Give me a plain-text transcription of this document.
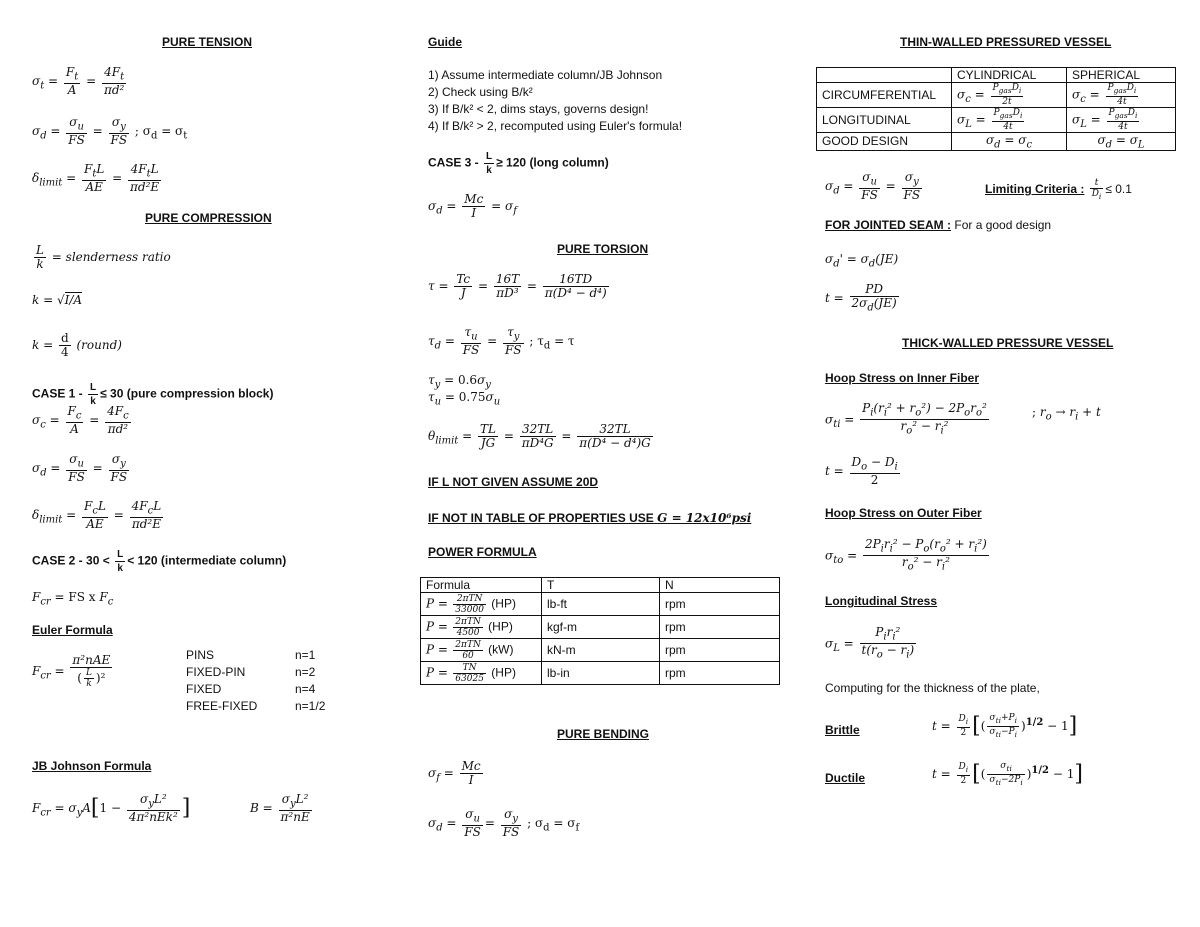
PURE TENSION
$\sigma_t = \frac{F_t}{A} = \frac{4F_t}{\text{πd²}}$
$\sigma_d = \frac{\sigma_u}{FS} = \frac{\sigma_y}{FS}$ ; $\sigma_d = \sigma_t$
$\delta_{limit} = \frac{F_tL}{AE} = \frac{4F_tL}{\text{πd²E}}$
PURE COMPRESSION
$\frac{L}{k}$ = slenderness ratio
k = √I/A
$k = \frac{d}{4}$ (round)
CASE $1 - \frac{L}{k} \le 30$ (pure compression block)
$\sigma_c = \frac{F_c}{A} = \frac{4F_c}{\text{πd²}}$
$\sigma_d = \frac{\sigma_u}{FS} = \frac{\sigma_y}{FS}$
$\delta_{limit} = \frac{F_cL}{AE} = \frac{4F_cL}{\text{πd²E}}$
CASE $2 - 30 < \frac{L}{k} < 120$ (intermediate column)
$F_{cr}$ = FS x $F_c$
Euler Formula
$F_{cr} = \frac{\text{π²nAE}}{( \frac{L}{k} )^2}$	PINS	n=1
FIXED-PIN	n=2
FIXED	n=4
FREE-FIXED	n=1/2
JB Johnson Formula
$F_{cr} = \sigma_yA[1 - \frac{\sigma_yL^2}{\text{4π²nEk²}}$ ]	$B = \frac{\sigma_yL^2}{\text{π²nE}}$
Guide
1) Assume intermediate column/JB Johnson
2) Check using B/k²
3) If B/k² < 2, dims stays, governs design!
4) If B/k² > 2, recomputed using Euler's formula!
CASE $3 - \frac{L}{k} \ge 120$ (long column)
$\sigma_d = \frac{Mc}{I} = \sigma_f$
PURE TORSION
$\tau = \frac{Tc}{J} = \frac{16T}{\text{πD³}} = \frac{16TD}{\text{π(D⁴ − d⁴)}}$
$\tau_d = \frac{\tau_u}{FS} = \frac{\tau_y}{FS}$ ; $\tau_d = \tau$
$\tau_y = 0.6\sigma_y$
$\tau_u = 0.75\sigma_u$
$\theta_{limit} = \frac{TL}{JG} = \frac{32TL}{\text{πD⁴G}} = \frac{32TL}{\text{π(D⁴ − d⁴)G}}$
IF L NOT GIVEN ASSUME 20D
IF NOT IN TABLE OF PROPERTIES USE G = 12x10⁶psi
POWER FORMULA
Formula	T	N
$P = \frac{\text{2πTN}}{33000} (HP)$	lb-ft	rpm
$P = \frac{\text{2πTN}}{4500} (HP)$	kgf-m	rpm
$P = \frac{\text{2πTN}}{60} (kW)$	kN-m	rpm
$P = \frac{TN}{63025} (HP)$	lb-in	rpm
PURE BENDING
$\sigma_f = \frac{Mc}{I}$
$\sigma_d = \frac{\sigma_u}{FS} = \frac{\sigma_y}{FS}$ ; $\sigma_d = \sigma_f$
THIN-WALLED PRESSURED VESSEL
	CYLINDRICAL	SPHERICAL
CIRCUMFERENTIAL	$\sigma_c = \frac{P_{gas}D_i}{2t}$	$\sigma_c = \frac{P_{gas}D_i}{4t}$

LONGITUDINAL	$\sigma_L = \frac{P_{gas}D_i}{4t}$	$\sigma_L = \frac{P_{gas}D_i}{4t}$

GOOD DESIGN	$\sigma_d = \sigma_c$	$\sigma_d = \sigma_L$
$\sigma_d = \frac{\sigma_u}{FS} = \frac{\sigma_y}{FS}$	Limiting Criteria : $\frac{t}{D_i} \le 0.1$
FOR JOINTED SEAM : For a good design
$\sigma_d' = \sigma_d(JE)$
$t = \frac{PD}{2\sigma_d(JE)}$
THICK-WALLED PRESSURE VESSEL
Hoop Stress on Inner Fiber
$\sigma_{ti} = \frac{P_i(r_i^2 + r_o^2) - 2P_or_o^2}{r_o^2 - r_i^2}$	; $r_o \to r_i + t$
$t = \frac{D_o - D_i}{2}$
Hoop Stress on Outer Fiber
$\sigma_{to} = \frac{2P_ir_i^2 - P_o(r_o^2 + r_i^2)}{r_o^2 - r_i^2}$
Longitudinal Stress
$\sigma_L = \frac{P_ir_i^2}{t(r_o - r_i)}$
Computing for the thickness of the plate,
Brittle	$t = \frac{D_i}{2}$ [( $\frac{\sigma_{ti}+P_i}{\sigma_{ti}-P_i} )^{1/2} - 1$]
Ductile	$t = \frac{D_i}{2}$ [( $\frac{\sigma_{ti}}{\sigma_{ti}-2P_i} )^{1/2} - 1$]
